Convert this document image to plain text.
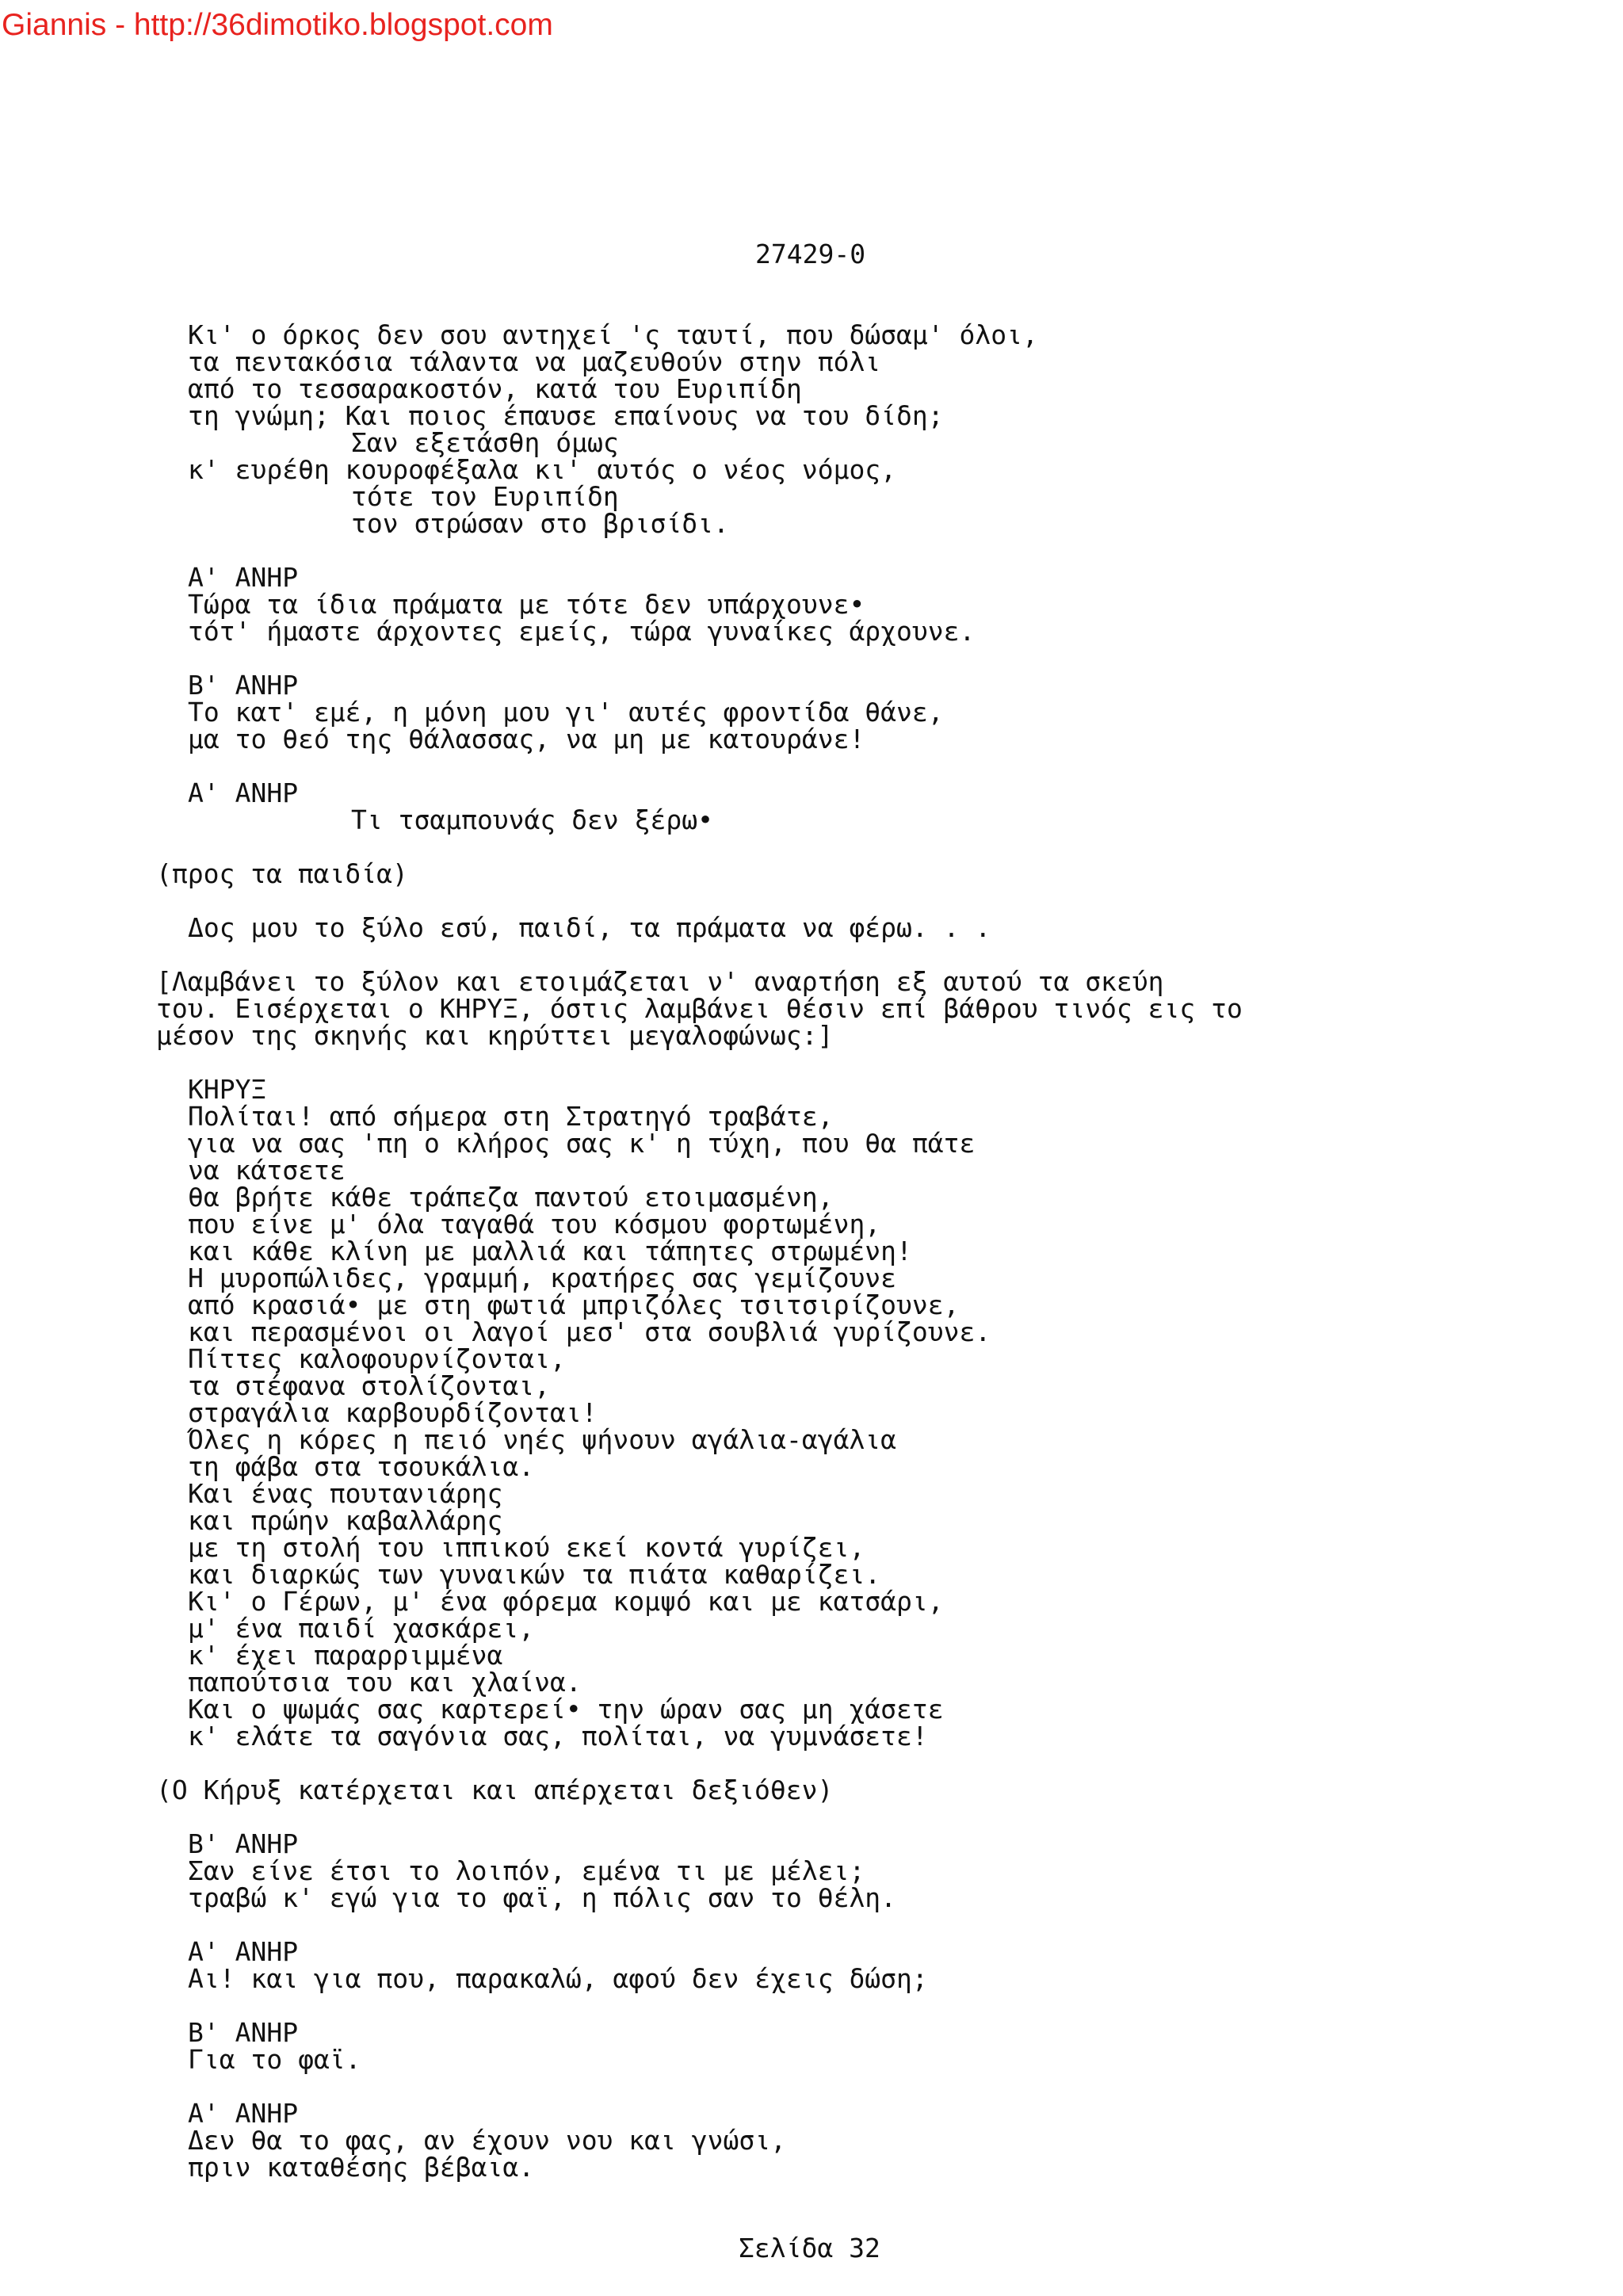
Giannis - http://36dimotiko.blogspot.com

27429-0

Κι' ο όρκος δεν σου αντηχεί 'ς ταυτί, που δώσαμ' όλοι,
τα πεντακόσια τάλαντα να μαζευθούν στην πόλι
από το τεσσαρακοστόν, κατά του Ευριπίδη
τη γνώμη; Και ποιος έπαυσε επαίνους να του δίδη;
Σαν εξετάσθη όμως
κ' ευρέθη κουροφέξαλα κι' αυτός ο νέος νόμος,
τότε τον Ευριπίδη
τον στρώσαν στο βρισίδι.
Α' ΑΝΗΡ
Τώρα τα ίδια πράματα με τότε δεν υπάρχουνε•
τότ' ήμαστε άρχοντες εμείς, τώρα γυναίκες άρχουνε.
Β' ΑΝΗΡ
Το κατ' εμέ, η μόνη μου γι' αυτές φροντίδα θάνε,
μα το θεό της θάλασσας, να μη με κατουράνε!
Α' ΑΝΗΡ
Τι τσαμπουνάς δεν ξέρω•
(προς τα παιδία)
Δος μου το ξύλο εσύ, παιδί, τα πράματα να φέρω. . .
[Λαμβάνει το ξύλον και ετοιμάζεται ν' αναρτήση εξ αυτού τα σκεύη
του. Εισέρχεται ο ΚΗΡΥΞ, όστις λαμβάνει θέσιν επί βάθρου τινός εις το
μέσον της σκηνής και κηρύττει μεγαλοφώνως:]
ΚΗΡΥΞ
Πολίται! από σήμερα στη Στρατηγό τραβάτε,
για να σας 'πη ο κλήρος σας κ' η τύχη, που θα πάτε
να κάτσετε
θα βρήτε κάθε τράπεζα παντού ετοιμασμένη,
που είνε μ' όλα ταγαθά του κόσμου φορτωμένη,
και κάθε κλίνη με μαλλιά και τάπητες στρωμένη!
Η μυροπώλιδες, γραμμή, κρατήρες σας γεμίζουνε
από κρασιά• με στη φωτιά μπριζόλες τσιτσιρίζουνε,
και περασμένοι οι λαγοί μεσ' στα σουβλιά γυρίζουνε.
Πίττες καλοφουρνίζονται,
τα στέφανα στολίζονται,
στραγάλια καρβουρδίζονται!
Όλες η κόρες η πειό νηές ψήνουν αγάλια-αγάλια
τη φάβα στα τσουκάλια.
Και ένας πουτανιάρης
και πρώην καβαλλάρης
με τη στολή του ιππικού εκεί κοντά γυρίζει,
και διαρκώς των γυναικών τα πιάτα καθαρίζει.
Κι' ο Γέρων, μ' ένα φόρεμα κομψό και με κατσάρι,
μ' ένα παιδί χασκάρει,
κ' έχει παραρριμμένα
παπούτσια του και χλαίνα.
Και ο ψωμάς σας καρτερεί• την ώραν σας μη χάσετε
κ' ελάτε τα σαγόνια σας, πολίται, να γυμνάσετε!
(Ο Κήρυξ κατέρχεται και απέρχεται δεξιόθεν)
Β' ΑΝΗΡ
Σαν είνε έτσι το λοιπόν, εμένα τι με μέλει;
τραβώ κ' εγώ για το φαϊ, η πόλις σαν το θέλη.
Α' ΑΝΗΡ
Αι! και για που, παρακαλώ, αφού δεν έχεις δώση;
Β' ΑΝΗΡ
Για το φαϊ.
Α' ΑΝΗΡ
Δεν θα το φας, αν έχουν νου και γνώσι,
πριν καταθέσης βέβαια.

Σελίδα 32
